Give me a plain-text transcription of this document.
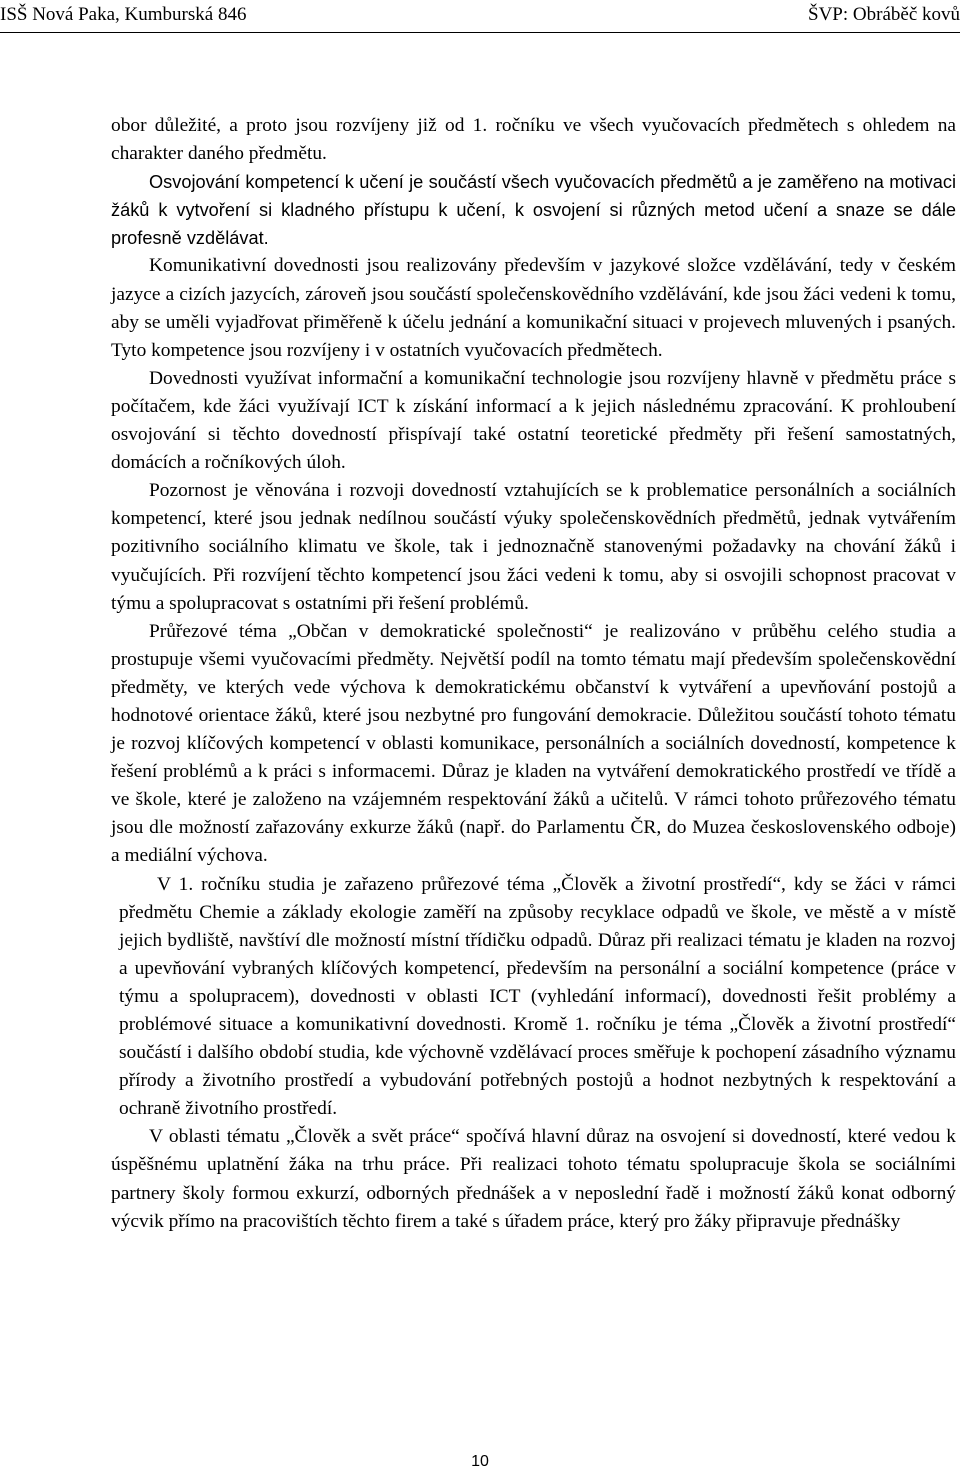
ISŠ Nová Paka, Kumburská 846	ŠVP: Obráběč kovů

obor důležité, a proto jsou rozvíjeny již od 1. ročníku ve všech vyučovacích předmětech s ohledem na charakter daného předmětu.

Osvojování kompetencí k učení je součástí všech vyučovacích předmětů a je zaměřeno na motivaci žáků k vytvoření si kladného přístupu k učení, k osvojení si různých metod učení a snaze se dále profesně vzdělávat.

Komunikativní dovednosti jsou realizovány především v jazykové složce vzdělávání, tedy v českém jazyce a cizích jazycích, zároveň jsou součástí společenskovědního vzdělávání, kde jsou žáci vedeni k tomu, aby se uměli vyjadřovat přiměřeně k účelu jednání a komunikační situaci v projevech mluvených i psaných. Tyto kompetence jsou rozvíjeny i v ostatních vyučovacích předmětech.

Dovednosti využívat informační a komunikační technologie jsou rozvíjeny hlavně v předmětu práce s počítačem, kde žáci využívají ICT k získání informací a k jejich následnému zpracování. K prohloubení osvojování si těchto dovedností přispívají také ostatní teoretické předměty při řešení samostatných, domácích a ročníkových úloh.

Pozornost je věnována i rozvoji dovedností vztahujících se k problematice personálních a sociálních kompetencí, které jsou jednak nedílnou součástí výuky společenskovědních předmětů, jednak vytvářením pozitivního sociálního klimatu ve škole, tak i jednoznačně stanovenými požadavky na chování žáků i vyučujících. Při rozvíjení těchto kompetencí jsou žáci vedeni k tomu, aby si osvojili schopnost pracovat v týmu a spolupracovat s ostatními při řešení problémů.

Průřezové téma „Občan v demokratické společnosti“ je realizováno v průběhu celého studia a prostupuje všemi vyučovacími předměty. Největší podíl na tomto tématu mají především společenskovědní předměty, ve kterých vede výchova k demokratickému občanství k vytváření a upevňování postojů a hodnotové orientace žáků, které jsou nezbytné pro fungování demokracie. Důležitou součástí tohoto tématu je rozvoj klíčových kompetencí v oblasti komunikace, personálních a sociálních dovedností, kompetence k řešení problémů a k práci s informacemi. Důraz je kladen na vytváření demokratického prostředí ve třídě a ve škole, které je založeno na vzájemném respektování žáků a učitelů. V rámci tohoto průřezového tématu jsou dle možností zařazovány exkurze žáků (např. do Parlamentu ČR, do Muzea československého odboje) a mediální výchova.

V 1. ročníku studia je zařazeno průřezové téma „Člověk a životní prostředí“, kdy se žáci v rámci předmětu Chemie a základy ekologie zaměří na způsoby recyklace odpadů ve škole, ve městě a v místě jejich bydliště, navštíví dle možností místní třídičku odpadů. Důraz při realizaci tématu je kladen na rozvoj a upevňování vybraných klíčových kompetencí, především na personální a sociální kompetence (práce v týmu a spolupracem), dovednosti v oblasti ICT (vyhledání informací), dovednosti řešit problémy a problémové situace a komunikativní dovednosti. Kromě 1. ročníku je téma „Člověk a životní prostředí“ součástí i dalšího období studia, kde výchovně vzdělávací proces směřuje k pochopení zásadního významu přírody a životního prostředí a vybudování potřebných postojů a hodnot nezbytných k respektování a ochraně životního prostředí.

V oblasti tématu „Člověk a svět práce“ spočívá hlavní důraz na osvojení si dovedností, které vedou k úspěšnému uplatnění žáka na trhu práce. Při realizaci tohoto tématu spolupracuje škola se sociálními partnery školy formou exkurzí, odborných přednášek a v neposlední řadě i možností žáků konat odborný výcvik přímo na pracovištích těchto firem a také s úřadem práce, který pro žáky připravuje přednášky

10
